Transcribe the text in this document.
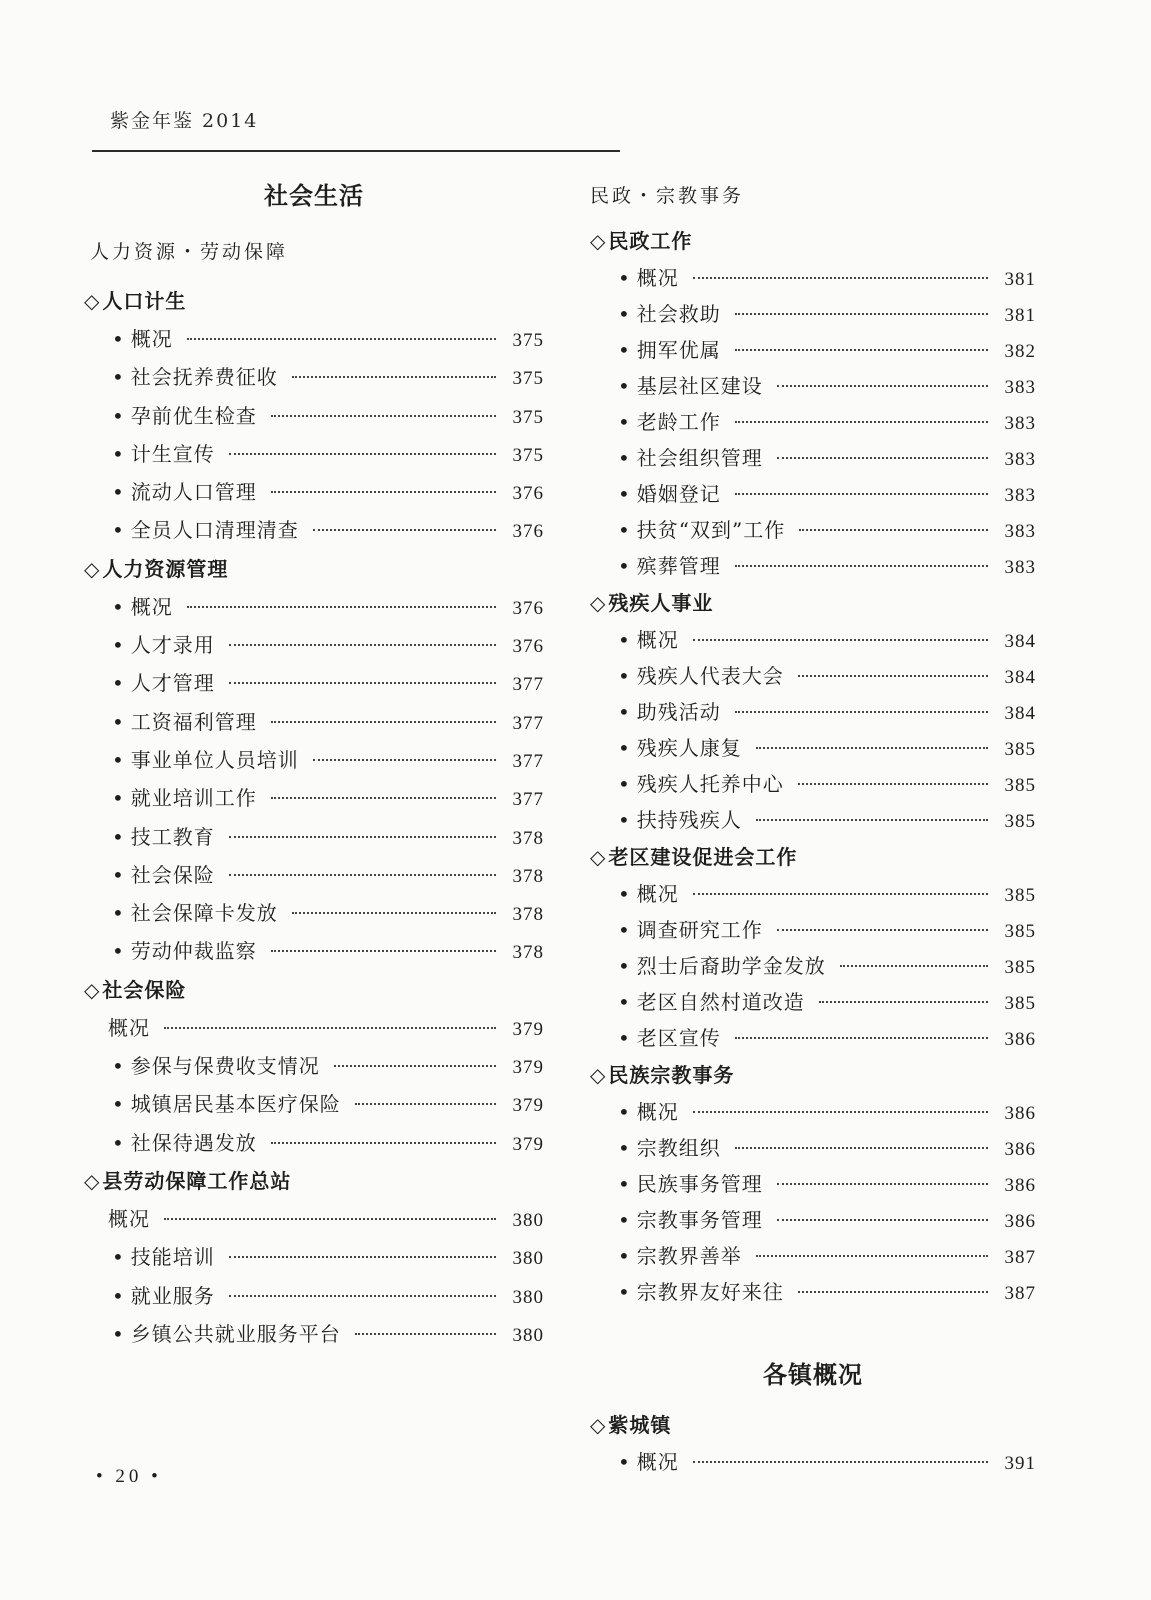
紫金年鉴 2014
社会生活
人力资源・劳动保障
◇ 人口计生
• 概况	375
• 社会抚养费征收	375
• 孕前优生检查	375
• 计生宣传	375
• 流动人口管理	376
• 全员人口清理清查	376
◇ 人力资源管理
• 概况	376
• 人才录用	376
• 人才管理	377
• 工资福利管理	377
• 事业单位人员培训	377
• 就业培训工作	377
• 技工教育	378
• 社会保险	378
• 社会保障卡发放	378
• 劳动仲裁监察	378
◇ 社会保险
概况	379
• 参保与保费收支情况	379
• 城镇居民基本医疗保险	379
• 社保待遇发放	379
◇ 县劳动保障工作总站
概况	380
• 技能培训	380
• 就业服务	380
• 乡镇公共就业服务平台	380
民政・宗教事务
◇ 民政工作
• 概况	381
• 社会救助	381
• 拥军优属	382
• 基层社区建设	383
• 老龄工作	383
• 社会组织管理	383
• 婚姻登记	383
• 扶贫“双到”工作	383
• 殡葬管理	383
◇ 残疾人事业
• 概况	384
• 残疾人代表大会	384
• 助残活动	384
• 残疾人康复	385
• 残疾人托养中心	385
• 扶持残疾人	385
◇ 老区建设促进会工作
• 概况	385
• 调查研究工作	385
• 烈士后裔助学金发放	385
• 老区自然村道改造	385
• 老区宣传	386
◇ 民族宗教事务
• 概况	386
• 宗教组织	386
• 民族事务管理	386
• 宗教事务管理	386
• 宗教界善举	387
• 宗教界友好来往	387
各镇概况
◇ 紫城镇
• 概况	391
• 20 •
